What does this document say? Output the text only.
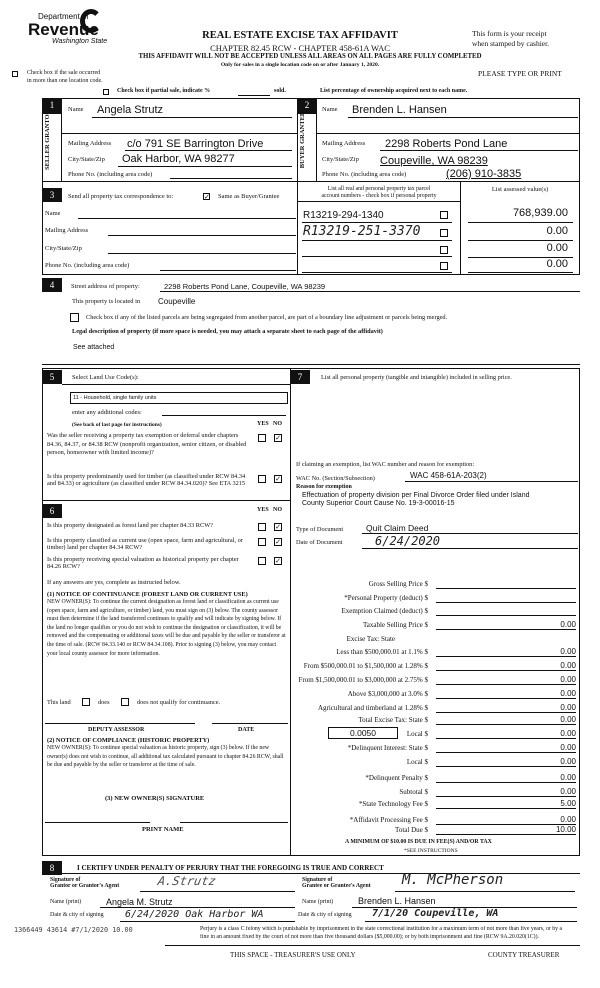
Department of
Revenue
Washington State
REAL ESTATE EXCISE TAX AFFIDAVIT
CHAPTER 82.45 RCW - CHAPTER 458-61A WAC
THIS AFFIDAVIT WILL NOT BE ACCEPTED UNLESS ALL AREAS ON ALL PAGES ARE FULLY COMPLETED
Only for sales in a single location code on or after January 1, 2020.
This form is your receipt
when stamped by cashier.
PLEASE TYPE OR PRINT
Check box if the sale occurred
in more than one location code.
Check box if partial sale, indicate %	sold.	List percentage of ownership acquired next to each name.
1
SELLER GRANTOR
Name Angela Strutz
Mailing Address c/o 791 SE Barrington Drive
City/State/Zip Oak Harbor, WA 98277
Phone No. (including area code)
2
BUYER GRANTEE
Name Brenden L. Hansen
Mailing Address 2298 Roberts Pond Lane
City/State/Zip Coupeville, WA 98239
Phone No. (including area code)	(206) 910-3835
3	Send all property tax correspondence to:	✓ Same as Buyer/Grantee
Name
Mailing Address
City/State/Zip
Phone No. (including area code)
List all real and personal property tax parcel
account numbers - check box if personal property
List assessed value(s)
R13219-294-1340	768,939.00
R13219-251-3370	0.00
0.00
0.00
4	Street address of property:	2298 Roberts Pond Lane, Coupeville, WA 98239
This property is located in Coupeville
Check box if any of the listed parcels are being segregated from another parcel, are part of a boundary line adjustment or parcels being merged.
Legal description of property (if more space is needed, you may attach a separate sheet to each page of the affidavit)
See attached
5	Select Land Use Code(s):
11 - Household, single family units
enter any additional codes:
(See back of last page for instructions)	YES NO
Was the seller receiving a property tax exemption or deferral under chapters 84.36, 84.37, or 84.38 RCW (nonprofit organization, senior citizen, or disabled person, homeowner with limited income)?
✓
Is this property predominantly used for timber (as classified under RCW 84.34 and 84.33) or agriculture (as classified under RCW 84.34.020)? See ETA 3215
✓
6	YES NO
Is this property designated as forest land per chapter 84.33 RCW?	✓
Is this property classified as current use (open space, farm and agricultural, or timber) land per chapter 84.34 RCW?
✓
Is this property receiving special valuation as historical property per chapter 84.26 RCW?
✓
If any answers are yes, complete as instructed below.
(1) NOTICE OF CONTINUANCE (FOREST LAND OR CURRENT USE)
NEW OWNER(S): To continue the current designation as forest land or classification as current use (open space, farm and agriculture, or timber) land, you must sign on (3) below. The county assessor must then determine if the land transferred continues to qualify and will indicate by signing below. If the land no longer qualifies or you do not wish to continue the designation or classification, it will be removed and the compensating or additional taxes will be due and payable by the seller or transferor at the time of sale. (RCW 84.33.140 or RCW 84.34.108). Prior to signing (3) below, you may contact your local county assessor for more information.
This land	does	does not qualify for continuance.
DEPUTY ASSESSOR	DATE
(2) NOTICE OF COMPLIANCE (HISTORIC PROPERTY)
NEW OWNER(S): To continue special valuation as historic property, sign (3) below. If the new owner(s) does not wish to continue, all additional tax calculated pursuant to chapter 84.26 RCW, shall be due and payable by the seller or transferor at the time of sale.
(3) NEW OWNER(S) SIGNATURE
PRINT NAME
7	List all personal property (tangible and intangible) included in selling price.
If claiming an exemption, list WAC number and reason for exemption:
WAC No. (Section/Subsection)	WAC 458-61A-203(2)
Reason for exemption
Effectuation of property division per Final Divorce Order filed under Island
County Superior Court Cause No. 19-3-00016-15
Type of Document	Quit Claim Deed
Date of Document	6/24/2020
Gross Selling Price $
*Personal Property (deduct) $
Exemption Claimed (deduct) $
Taxable Selling Price $	0.00
Excise Tax: State
Less than $500,000.01 at 1.1% $	0.00
From $500,000.01 to $1,500,000 at 1.28% $	0.00
From $1,500,000.01 to $3,000,000 at 2.75% $	0.00
Above $3,000,000 at 3.0% $	0.00
Agricultural and timberland at 1.28% $	0.00
Total Excise Tax: State $	0.00
Local $	0.00
*Delinquent Interest: State $	0.00
Local $	0.00
*Delinquent Penalty $	0.00
Subtotal $	0.00
*State Technology Fee $	5.00
*Affidavit Processing Fee $	0.00
Total Due $	10.00
0.0050
A MINIMUM OF $10.00 IS DUE IN FEE(S) AND/OR TAX
*SEE INSTRUCTIONS
8	I CERTIFY UNDER PENALTY OF PERJURY THAT THE FOREGOING IS TRUE AND CORRECT
Signature of
Grantor or Grantor's Agent	A.Strutz	Signature of
Grantee or Grantee's Agent M. McPherson
Name (print)	Angela M. Strutz	Name (print)	Brenden L. Hansen
Date & city of signing 6/24/2020 Oak Harbor WA	Date & city of signing 7/1/20 Coupeville, WA
1366449 43614 #7/1/2020 10.00	Perjury is a class C felony which is punishable by imprisonment in the state correctional institution for a maximum term of not more than five years, or by a
fine in an amount fixed by the court of not more than five thousand dollars ($5,000.00); or by both imprisonment and fine (RCW 9A.20.020(1C)).
THIS SPACE - TREASURER'S USE ONLY	COUNTY TREASURER
